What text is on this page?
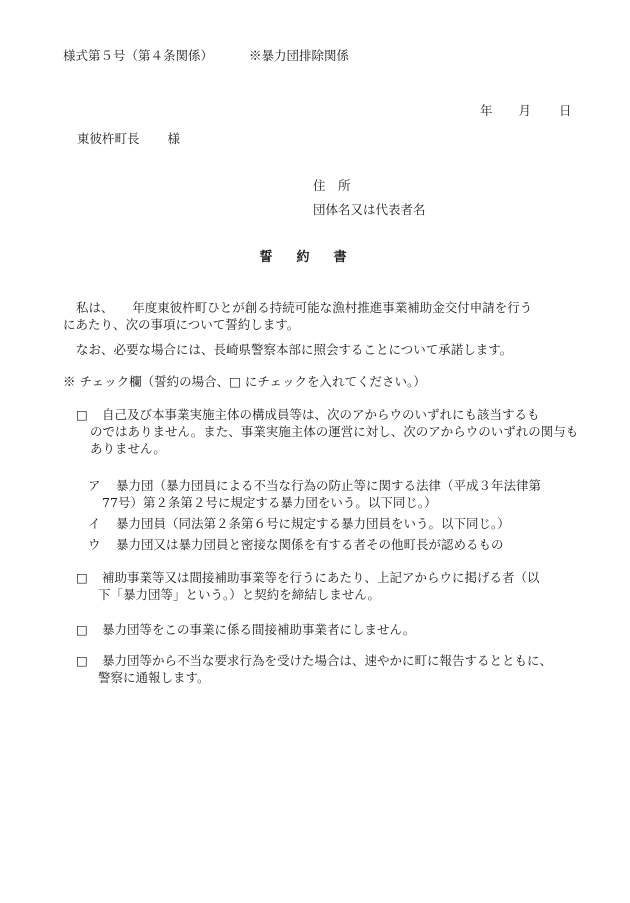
様式第５号（第４条関係）	※暴力団排除関係
年 月 日
東彼杵町長 様
住　所
団体名又は代表者名
誓約書
私は、　　年度東彼杵町ひとが創る持続可能な漁村推進事業補助金交付申請を行う
にあたり、次の事項について誓約します。
なお、必要な場合には、長崎県警察本部に照会することについて承諾します。
※ チェック欄（誓約の場合、□ にチェックを入れてください。）
□ 自己及び本事業実施主体の構成員等は、次のアからウのいずれにも該当するも
のではありません。また、事業実施主体の運営に対し、次のアからウのいずれの関与もありません。
ア 暴力団（暴力団員による不当な行為の防止等に関する法律（平成３年法律第
77号）第２条第２号に規定する暴力団をいう。以下同じ。）
イ 暴力団員（同法第２条第６号に規定する暴力団員をいう。以下同じ。）
ウ 暴力団又は暴力団員と密接な関係を有する者その他町長が認めるもの
□ 補助事業等又は間接補助事業等を行うにあたり、上記アからウに掲げる者（以
下「暴力団等」という。）と契約を締結しません。
□ 暴力団等をこの事業に係る間接補助事業者にしません。
□ 暴力団等から不当な要求行為を受けた場合は、速やかに町に報告するとともに、
警察に通報します。
